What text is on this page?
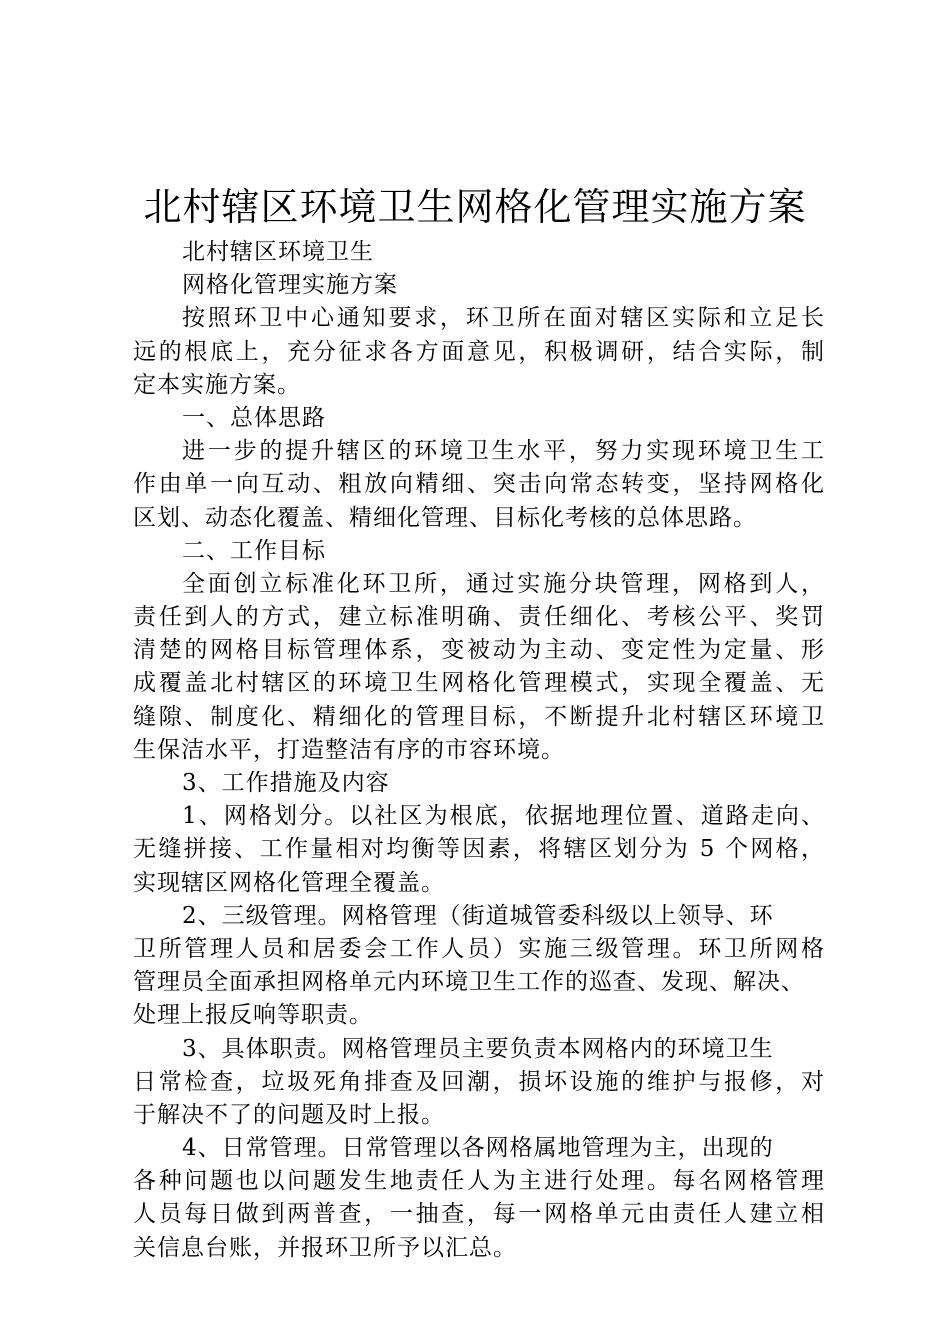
北村辖区环境卫生网格化管理实施方案
北村辖区环境卫生
网格化管理实施方案
按照环卫中心通知要求，环卫所在面对辖区实际和立足长
远的根底上，充分征求各方面意见，积极调研，结合实际，制
定本实施方案。
一、总体思路
进一步的提升辖区的环境卫生水平，努力实现环境卫生工
作由单一向互动、粗放向精细、突击向常态转变，坚持网格化
区划、动态化覆盖、精细化管理、目标化考核的总体思路。
二、工作目标
全面创立标准化环卫所，通过实施分块管理，网格到人，
责任到人的方式，建立标准明确、责任细化、考核公平、奖罚
清楚的网格目标管理体系，变被动为主动、变定性为定量、形
成覆盖北村辖区的环境卫生网格化管理模式，实现全覆盖、无
缝隙、制度化、精细化的管理目标，不断提升北村辖区环境卫
生保洁水平，打造整洁有序的市容环境。
3、工作措施及内容
1、网格划分。以社区为根底，依据地理位置、道路走向、
无缝拼接、工作量相对均衡等因素，将辖区划分为 5 个网格，
实现辖区网格化管理全覆盖。
2、三级管理。网格管理（街道城管委科级以上领导、环
卫所管理人员和居委会工作人员）实施三级管理。环卫所网格
管理员全面承担网格单元内环境卫生工作的巡查、发现、解决、
处理上报反响等职责。
3、具体职责。网格管理员主要负责本网格内的环境卫生
日常检查，垃圾死角排查及回潮，损坏设施的维护与报修，对
于解决不了的问题及时上报。
4、日常管理。日常管理以各网格属地管理为主，出现的
各种问题也以问题发生地责任人为主进行处理。每名网格管理
人员每日做到两普查，一抽查，每一网格单元由责任人建立相
关信息台账，并报环卫所予以汇总。
